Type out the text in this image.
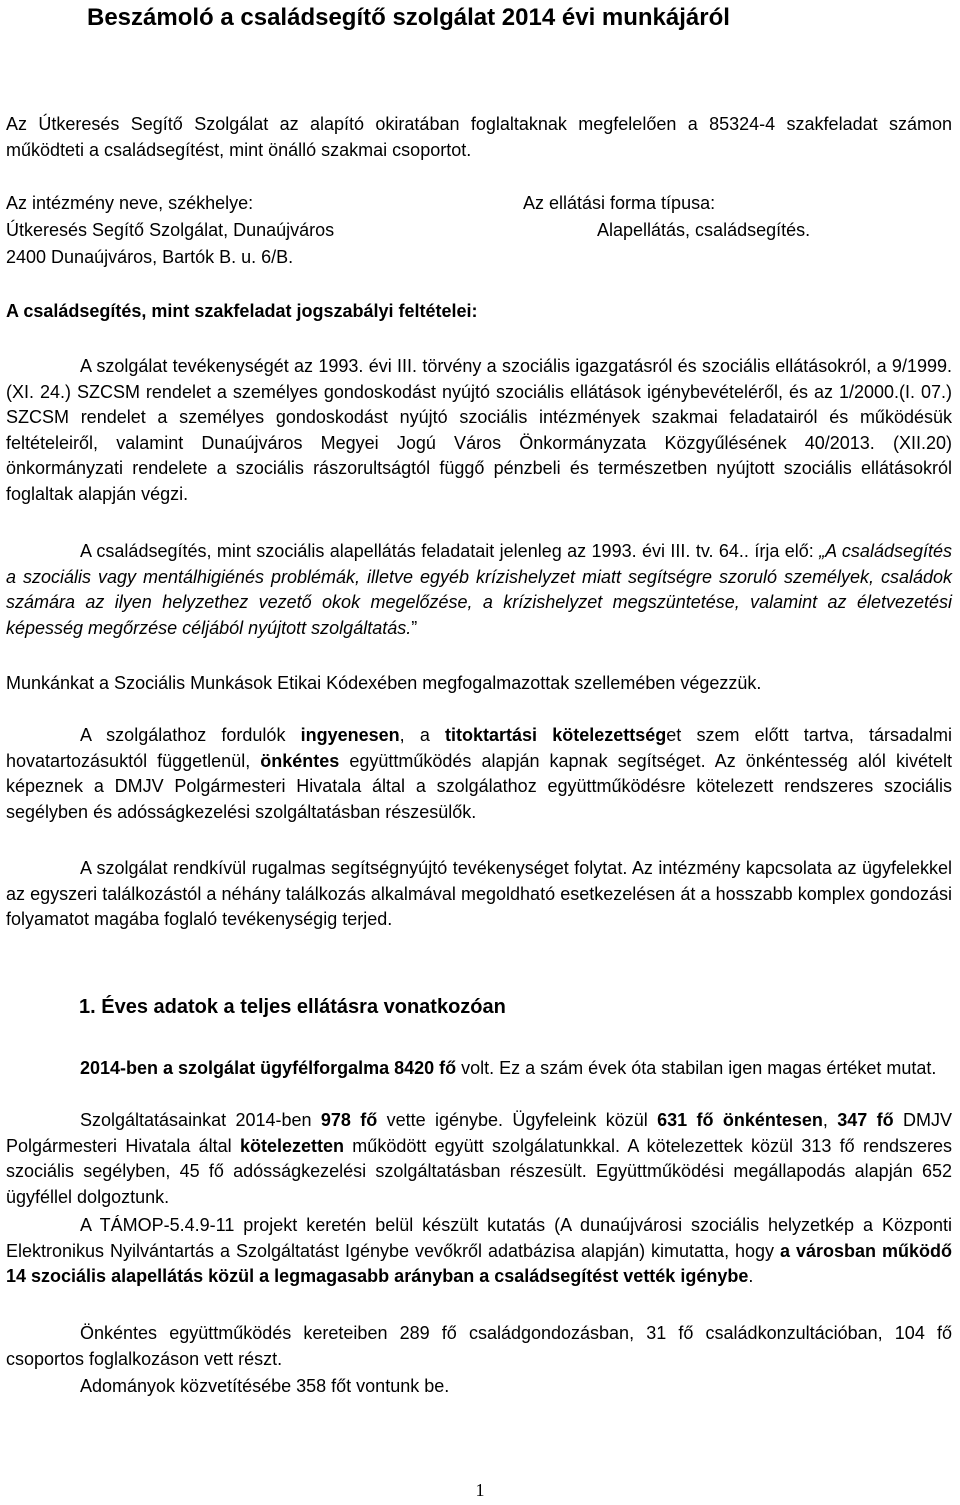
Beszámoló a családsegítő szolgálat 2014 évi munkájáról
Az Útkeresés Segítő Szolgálat az alapító okiratában foglaltaknak megfelelően a 85324-4 szakfeladat számon működteti a családsegítést, mint önálló szakmai csoportot.
Az intézmény neve, székhelye:
Útkeresés Segítő Szolgálat, Dunaújváros
2400 Dunaújváros, Bartók B. u. 6/B.
Az ellátási forma típusa:
Alapellátás, családsegítés.
A családsegítés, mint szakfeladat jogszabályi feltételei:
A szolgálat tevékenységét az 1993. évi III. törvény a szociális igazgatásról és szociális ellátásokról, a 9/1999.(XI. 24.) SZCSM rendelet a személyes gondoskodást nyújtó szociális ellátások igénybevételéről, és az 1/2000.(I. 07.) SZCSM rendelet a személyes gondoskodást nyújtó szociális intézmények szakmai feladatairól és működésük feltételeiről, valamint Dunaújváros Megyei Jogú Város Önkormányzata Közgyűlésének 40/2013. (XII.20) önkormányzati rendelete a szociális rászorultságtól függő pénzbeli és természetben nyújtott szociális ellátásokról foglaltak alapján végzi.
A családsegítés, mint szociális alapellátás feladatait jelenleg az 1993. évi III. tv. 64.. írja elő: „A családsegítés a szociális vagy mentálhigiénés problémák, illetve egyéb krízishelyzet miatt segítségre szoruló személyek, családok számára az ilyen helyzethez vezető okok megelőzése, a krízishelyzet megszüntetése, valamint az életvezetési képesség megőrzése céljából nyújtott szolgáltatás.”
Munkánkat a Szociális Munkások Etikai Kódexében megfogalmazottak szellemében végezzük.
A szolgálathoz fordulók ingyenesen, a titoktartási kötelezettséget szem előtt tartva, társadalmi hovatartozásuktól függetlenül, önkéntes együttműködés alapján kapnak segítséget. Az önkéntesség alól kivételt képeznek a DMJV Polgármesteri Hivatala által a szolgálathoz együttműködésre kötelezett rendszeres szociális segélyben és adósságkezelési szolgáltatásban részesülők.
A szolgálat rendkívül rugalmas segítségnyújtó tevékenységet folytat. Az intézmény kapcsolata az ügyfelekkel az egyszeri találkozástól a néhány találkozás alkalmával megoldható esetkezelésen át a hosszabb komplex gondozási folyamatot magába foglaló tevékenységig terjed.
1. Éves adatok a teljes ellátásra vonatkozóan
2014-ben a szolgálat ügyfélforgalma 8420 fő volt. Ez a szám évek óta stabilan igen magas értéket mutat.
Szolgáltatásainkat 2014-ben 978 fő vette igénybe. Ügyfeleink közül 631 fő önkéntesen, 347 fő DMJV Polgármesteri Hivatala által kötelezetten működött együtt szolgálatunkkal. A kötelezettek közül 313 fő rendszeres szociális segélyben, 45 fő adósságkezelési szolgáltatásban részesült. Együttműködési megállapodás alapján 652 ügyféllel dolgoztunk.
A TÁMOP-5.4.9-11 projekt keretén belül készült kutatás (A dunaújvárosi szociális helyzetkép a Központi Elektronikus Nyilvántartás a Szolgáltatást Igénybe vevőkről adatbázisa alapján) kimutatta, hogy a városban működő 14 szociális alapellátás közül a legmagasabb arányban a családsegítést vették igénybe.
Önkéntes együttműködés kereteiben 289 fő családgondozásban, 31 fő családkonzultációban, 104 fő csoportos foglalkozáson vett részt.
Adományok közvetítésébe 358 főt vontunk be.
1
